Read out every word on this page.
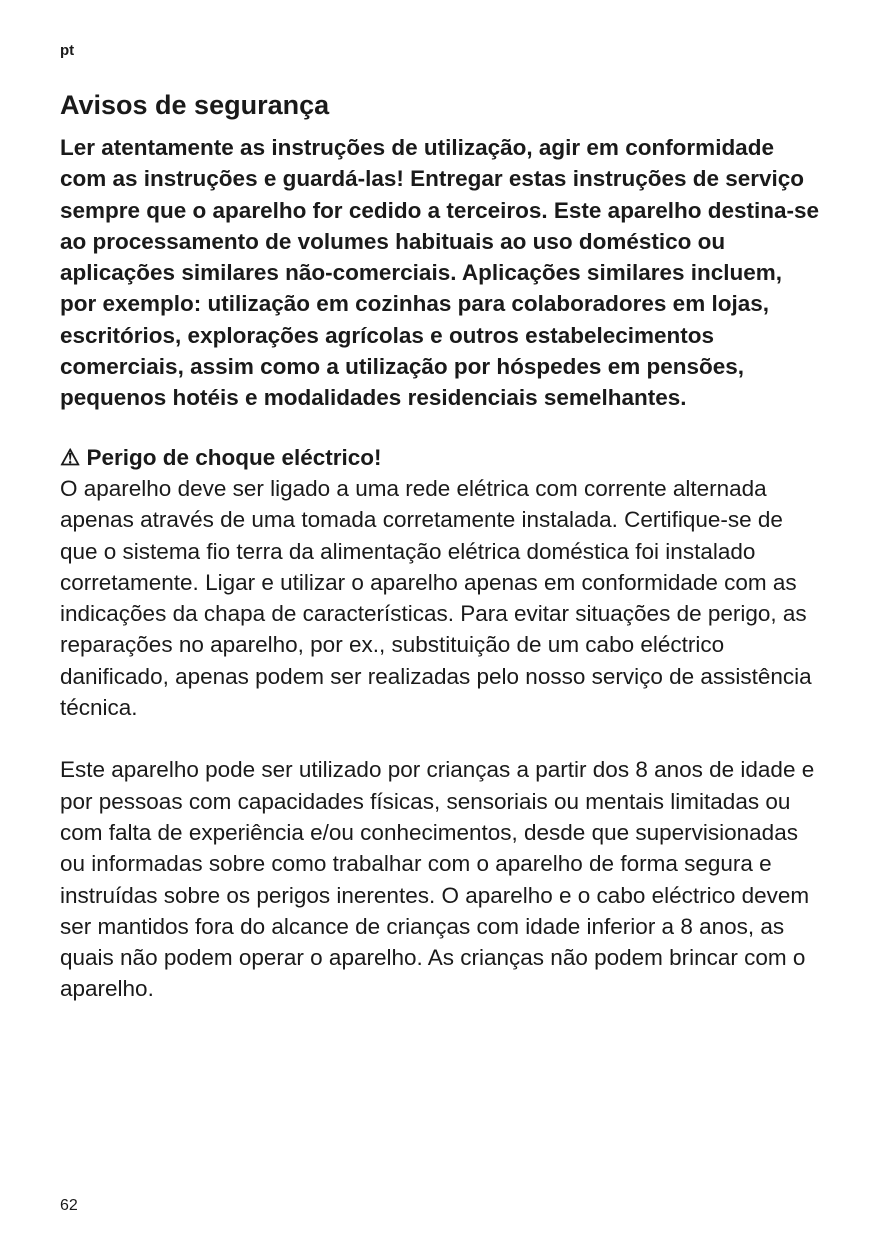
pt

Avisos de segurança

Ler atentamente as instruções de utilização, agir em conformidade com as instruções e guardá-las! Entregar estas instruções de serviço sempre que o aparelho for cedido a terceiros. Este aparelho destina-se ao processamento de volumes habituais ao uso doméstico ou aplicações similares não-comerciais. Aplicações similares incluem, por exemplo: utilização em cozinhas para colaboradores em lojas, escritórios, explorações agrícolas e outros estabelecimentos comerciais, assim como a utilização por hóspedes em pensões, pequenos hotéis e modalidades residenciais semelhantes.

⚠ Perigo de choque eléctrico!

O aparelho deve ser ligado a uma rede elétrica com corrente alternada apenas através de uma tomada corretamente instalada. Certifique-se de que o sistema fio terra da alimentação elétrica doméstica foi instalado corretamente. Ligar e utilizar o aparelho apenas em conformidade com as indicações da chapa de características. Para evitar situações de perigo, as reparações no aparelho, por ex., substituição de um cabo eléctrico danificado, apenas podem ser realizadas pelo nosso serviço de assistência técnica.

Este aparelho pode ser utilizado por crianças a partir dos 8 anos de idade e por pessoas com capacidades físicas, sensoriais ou mentais limitadas ou com falta de experiência e/ou conhecimentos, desde que supervisionadas ou informadas sobre como trabalhar com o aparelho de forma segura e instruídas sobre os perigos inerentes. O aparelho e o cabo eléctrico devem ser mantidos fora do alcance de crianças com idade inferior a 8 anos, as quais não podem operar o aparelho. As crianças não podem brincar com o aparelho.

62
